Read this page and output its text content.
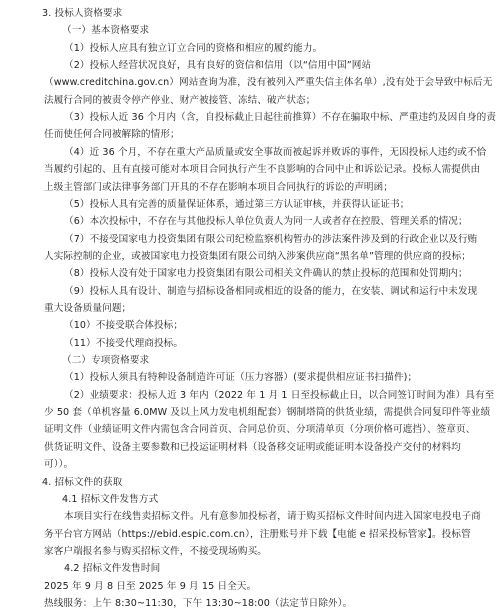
3. 投标人资格要求
（一）基本资格要求
（1）投标人应具有独立订立合同的资格和相应的履约能力。
（2）投标人经营状况良好，具有良好的资信和信用（以“信用中国”网站
（www.creditchina.gov.cn）网站查询为准，没有被列入严重失信主体名单）,没有处于会导致中标后无
法履行合同的被责令停产停业、财产被接管、冻结、破产状态；
（3）投标人近 36 个月内（含，自投标截止日起往前推算）不存在骗取中标、严重违约及因自身的责
任而使任何合同被解除的情形；
（4）近 36 个月，不存在重大产品质量或安全事故而被起诉并败诉的事件，无因投标人违约或不恰
当履约引起的、且有直接可能对本项目合同执行产生不良影响的合同中止和诉讼记录。投标人需提供由
上级主管部门或法律事务部门开具的不存在影响本项目合同执行的诉讼的声明函；
（5）投标人具有完善的质量保证体系，通过第三方认证审核，并获得认证证书；
（6）本次投标中，不存在与其他投标人单位负责人为同一人或者存在控股、管理关系的情况；
（7）不接受国家电力投资集团有限公司纪检监察机构暂办的涉法案件涉及到的行政企业以及行贿
人实际控制的企业，或被国家电力投资集团有限公司纳入涉案供应商“黑名单”管理的供应商的投标；
（8）投标人没有处于国家电力投资集团有限公司相关文件确认的禁止投标的范围和处罚期内；
（9）投标人具有设计、制造与招标设备相同或相近的设备的能力，在安装、调试和运行中未发现
重大设备质量问题；
（10）不接受联合体投标；
（11）不接受代理商投标。
（二）专项资格要求
（1）投标人须具有特种设备制造许可证（压力容器）(要求提供相应证书扫描件)；
（2）业绩要求：投标人近 3 年内（2022 年 1 月 1 日至投标截止日，以合同签订时间为准）具有至
少 50 套（单机容量 6.0MW 及以上风力发电机组配套）钢制塔筒的供货业绩，需提供合同复印件等业绩
证明文件（业绩证明文件内需包含合同首页、合同总价页、分项清单页（分项价格可遮挡）、签章页、
供货证明文件、设备主要参数和已投运证明材料（设备移交证明或能证明本设备投产交付的材料均
可））。
4. 招标文件的获取
4.1 招标文件发售方式
本项目实行在线售卖招标文件。凡有意参加投标者，请于购买招标文件时间内进入国家电投电子商
务平台官方网站（https://ebid.espic.com.cn），注册账号并下载【电能 e 招采投标管家】。投标管
家客户端报名参与购买招标文件，不接受现场购买。
4.2 招标文件发售时间
2025 年 9 月 8 日至 2025 年 9 月 15 日全天。
热线服务：上午 8:30~11:30，下午 13:30~18:00（法定节日除外）。
